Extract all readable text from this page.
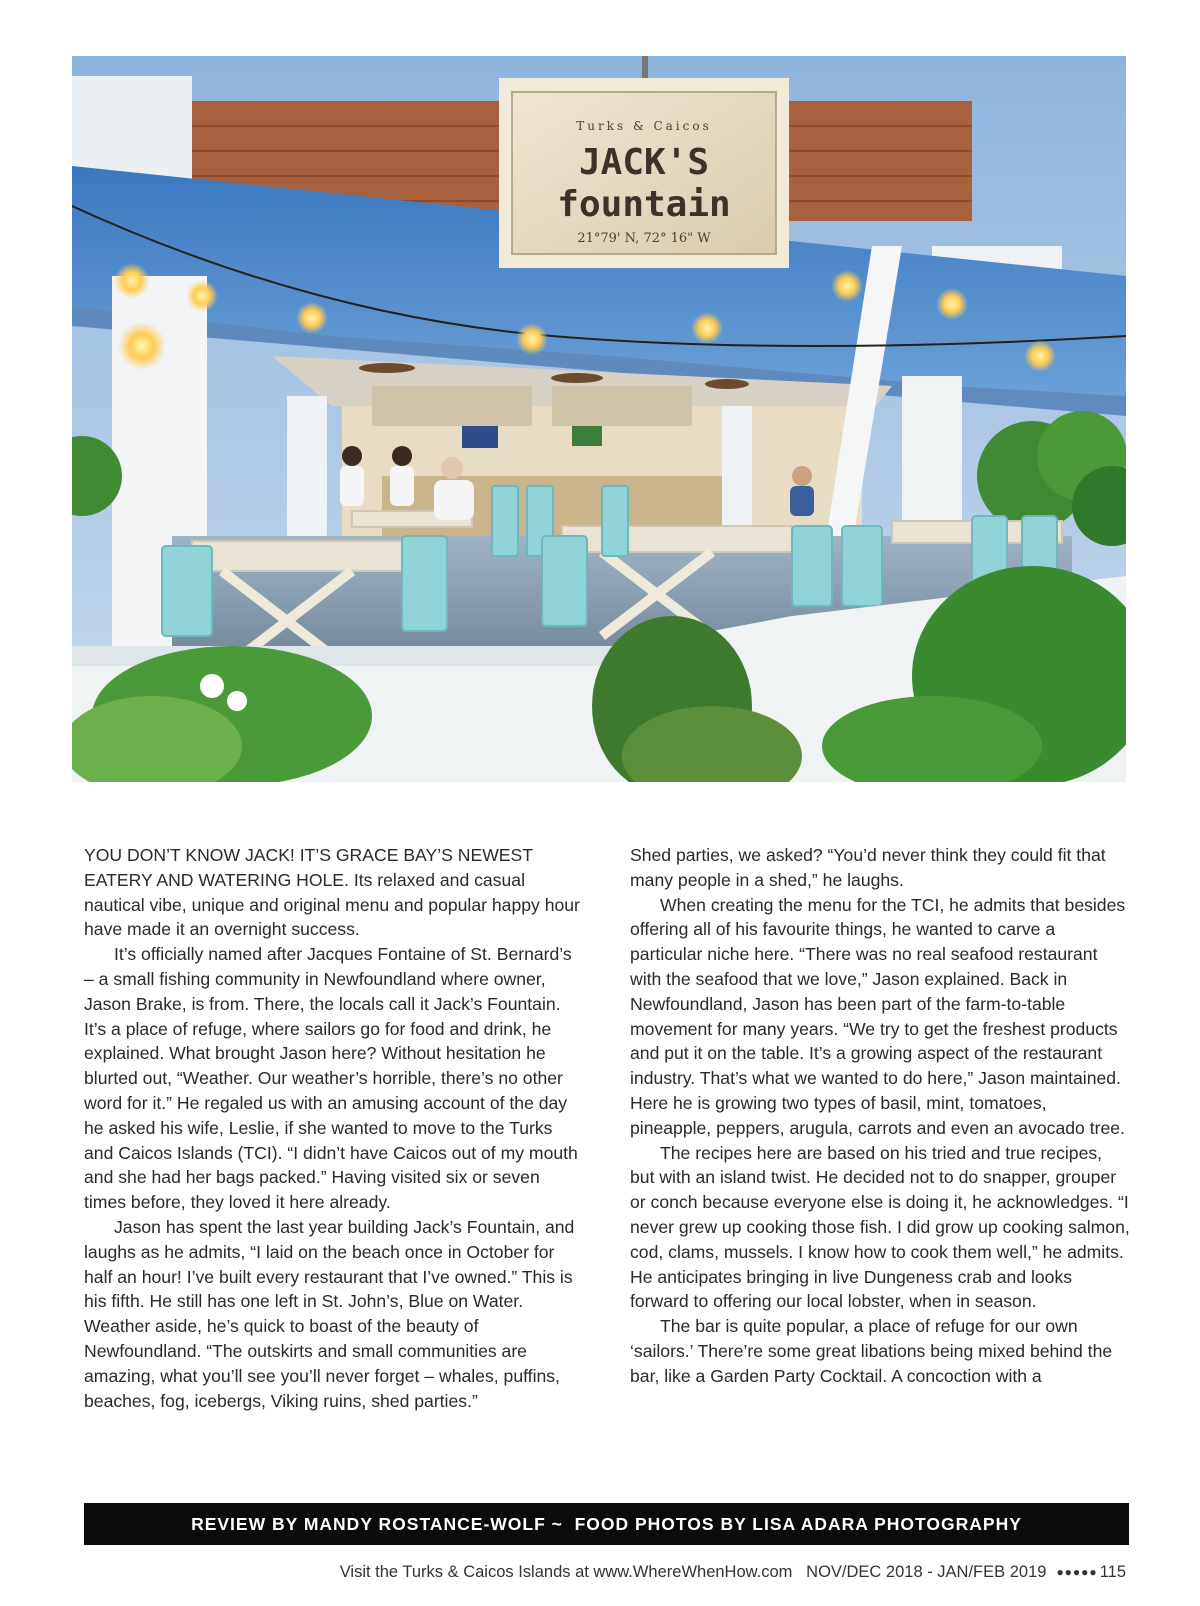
Turks & Caicos
JACK'S
fountain
21°79' N, 72° 16" W

YOU DON’T KNOW JACK! IT’S GRACE BAY’S NEWEST EATERY AND WATERING HOLE. Its relaxed and casual nautical vibe, unique and original menu and popular happy hour have made it an overnight success.

It’s officially named after Jacques Fontaine of St. Bernard’s – a small fishing community in Newfoundland where owner, Jason Brake, is from. There, the locals call it Jack’s Fountain. It’s a place of refuge, where sailors go for food and drink, he explained. What brought Jason here? Without hesitation he blurted out, “Weather. Our weather’s horrible, there’s no other word for it.” He regaled us with an amusing account of the day he asked his wife, Leslie, if she wanted to move to the Turks and Caicos Islands (TCI). “I didn’t have Caicos out of my mouth and she had her bags packed.” Having visited six or seven times before, they loved it here already.

Jason has spent the last year building Jack’s Fountain, and laughs as he admits, “I laid on the beach once in October for half an hour! I’ve built every restaurant that I’ve owned.” This is his fifth. He still has one left in St. John’s, Blue on Water. Weather aside, he’s quick to boast of the beauty of Newfoundland. “The outskirts and small communities are amazing, what you’ll see you’ll never forget – whales, puffins, beaches, fog, icebergs, Viking ruins, shed parties.”

Shed parties, we asked? “You’d never think they could fit that many people in a shed,” he laughs.

When creating the menu for the TCI, he admits that besides offering all of his favourite things, he wanted to carve a particular niche here. “There was no real seafood restaurant with the seafood that we love,” Jason explained. Back in Newfoundland, Jason has been part of the farm-to-table movement for many years. “We try to get the freshest products and put it on the table. It’s a growing aspect of the restaurant industry. That’s what we wanted to do here,” Jason maintained. Here he is growing two types of basil, mint, tomatoes, pineapple, peppers, arugula, carrots and even an avocado tree.

The recipes here are based on his tried and true recipes, but with an island twist. He decided not to do snapper, grouper or conch because everyone else is doing it, he acknowledges. “I never grew up cooking those fish. I did grow up cooking salmon, cod, clams, mussels. I know how to cook them well,” he admits. He anticipates bringing in live Dungeness crab and looks forward to offering our local lobster, when in season.

The bar is quite popular, a place of refuge for our own ‘sailors.’ There’re some great libations being mixed behind the bar, like a Garden Party Cocktail. A concoction with a

REVIEW BY MANDY ROSTANCE-WOLF ~  FOOD PHOTOS BY LISA ADARA PHOTOGRAPHY
Visit the Turks & Caicos Islands at www.WhereWhenHow.com
NOV/DEC 2018 - JAN/FEB 2019 ●●●●● 115
